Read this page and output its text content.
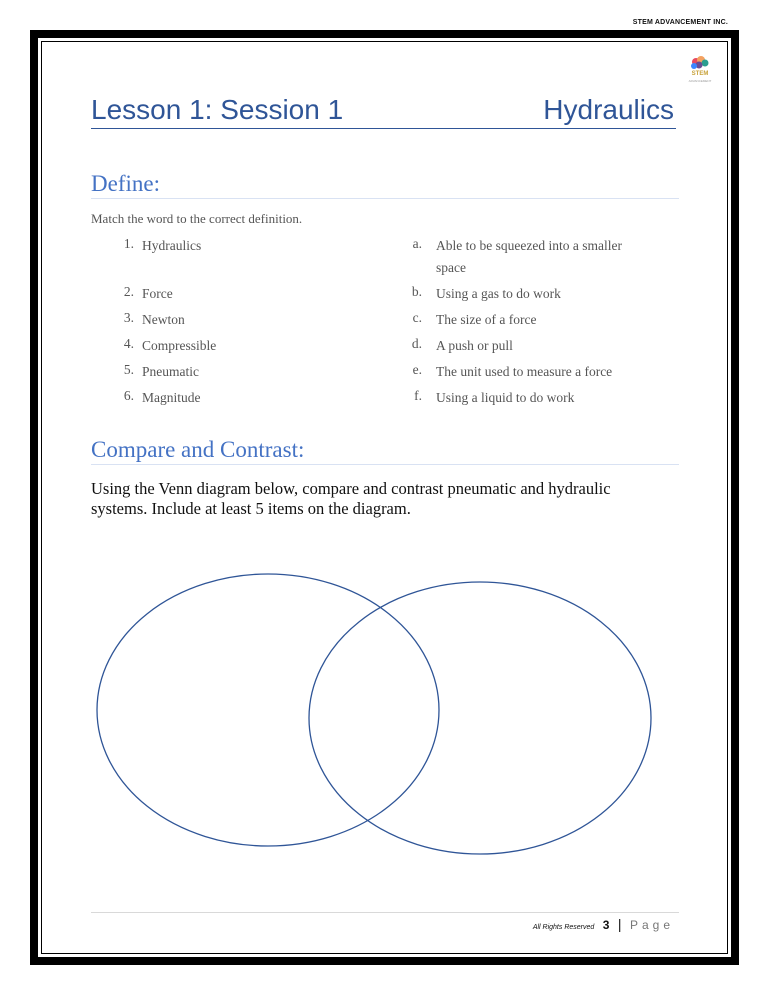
STEM ADVANCEMENT INC.
STEM
ADVANCEMENT
Lesson 1: Session 1	Hydraulics
Define:
Match the word to the correct definition.
1. Hydraulics
2. Force
3. Newton
4. Compressible
5. Pneumatic
6. Magnitude
a. Able to be squeezed into a smaller
space
b. Using a gas to do work
c. The size of a force
d. A push or pull
e. The unit used to measure a force
f. Using a liquid to do work
Compare and Contrast:
Using the Venn diagram below, compare and contrast pneumatic and hydraulic systems. Include at least 5 items on the diagram.
All Rights Reserved 3 | Page
